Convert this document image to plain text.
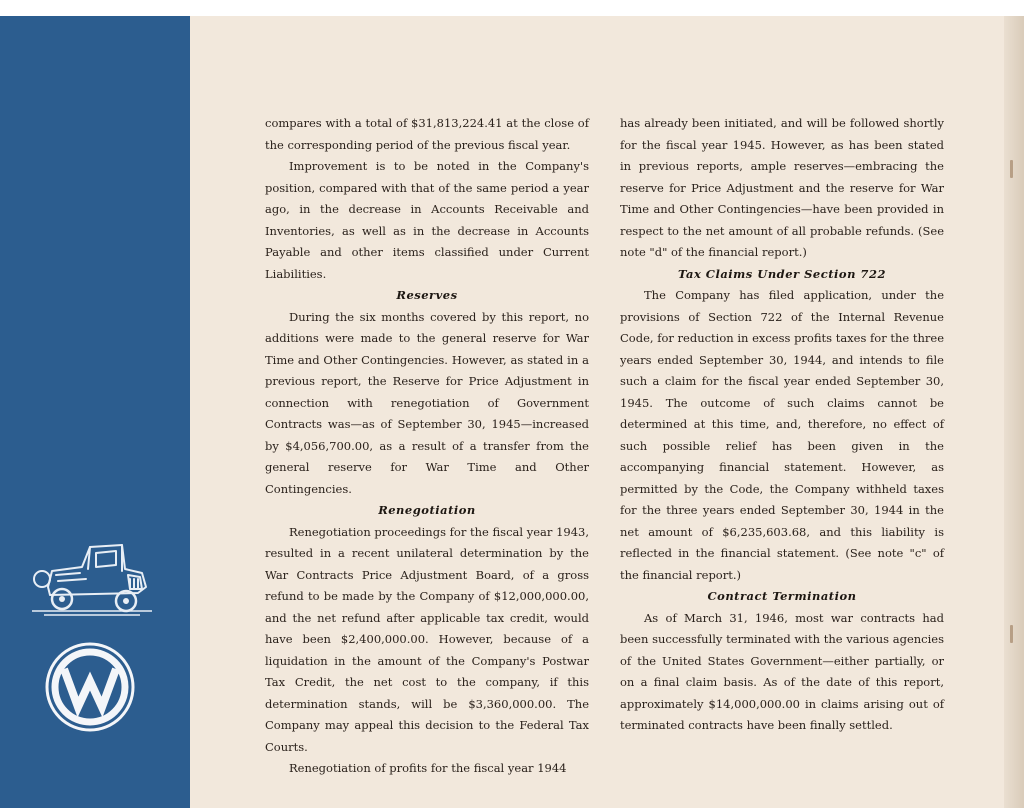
compares with a total of $31,813,224.41 at the close of the corresponding period of the previous fiscal year.

Improvement is to be noted in the Company's position, compared with that of the same period a year ago, in the decrease in Accounts Receivable and Inventories, as well as in the decrease in Accounts Payable and other items classified under Current Liabilities.

Reserves

During the six months covered by this report, no additions were made to the general reserve for War Time and Other Contingencies. However, as stated in a previous report, the Reserve for Price Adjustment in connection with renegotiation of Government Contracts was—as of September 30, 1945—increased by $4,056,700.00, as a result of a transfer from the general reserve for War Time and Other Contingencies.

Renegotiation

Renegotiation proceedings for the fiscal year 1943, resulted in a recent unilateral determination by the War Contracts Price Adjustment Board, of a gross refund to be made by the Company of $12,000,000.00, and the net refund after applicable tax credit, would have been $2,400,000.00. However, because of a liquidation in the amount of the Company's Postwar Tax Credit, the net cost to the company, if this determination stands, will be $3,360,000.00. The Company may appeal this decision to the Federal Tax Courts.

Renegotiation of profits for the fiscal year 1944

has already been initiated, and will be followed shortly for the fiscal year 1945. However, as has been stated in previous reports, ample reserves—embracing the reserve for Price Adjustment and the reserve for War Time and Other Contingencies—have been provided in respect to the net amount of all probable refunds. (See note "d" of the financial report.)

Tax Claims Under Section 722

The Company has filed application, under the provisions of Section 722 of the Internal Revenue Code, for reduction in excess profits taxes for the three years ended September 30, 1944, and intends to file such a claim for the fiscal year ended September 30, 1945. The outcome of such claims cannot be determined at this time, and, therefore, no effect of such possible relief has been given in the accompanying financial statement. However, as permitted by the Code, the Company withheld taxes for the three years ended September 30, 1944 in the net amount of $6,235,603.68, and this liability is reflected in the financial statement. (See note "c" of the financial report.)

Contract Termination

As of March 31, 1946, most war contracts had been successfully terminated with the various agencies of the United States Government—either partially, or on a final claim basis. As of the date of this report, approximately $14,000,000.00 in claims arising out of terminated contracts have been finally settled.
